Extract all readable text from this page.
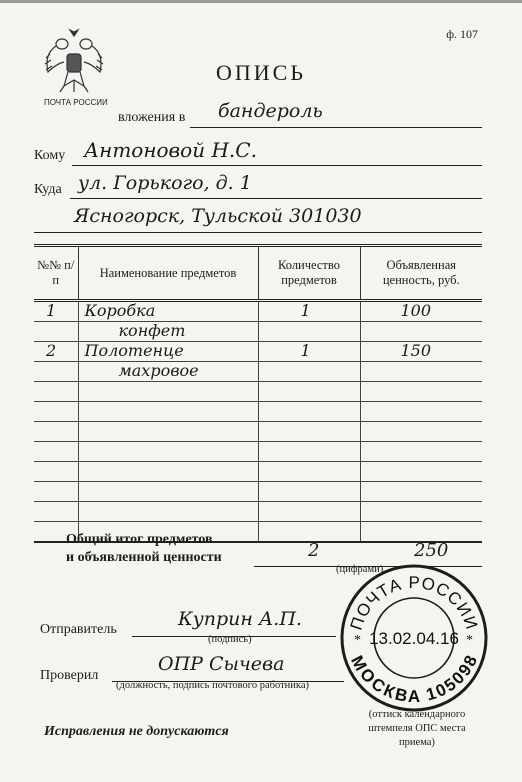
ПОЧТА РОССИИ
ф. 107
ОПИСЬ
вложения в бандероль
Кому Антоновой Н.С.
Куда ул. Горького, д. 1
Ясногорск, Тульской 301030
№№ п/п	Наименование предметов	Количество предметов	Объявленная ценность, руб.

1	Коробка	1	100

	конфет		

2	Полотенце	1	150

	махровое		

Общий итог предметов
и объявленной ценности	2	250
(цифрами)
Отправитель	Куприн А.П.
(подпись)
Проверил
ОПР Сычева
(должность, подпись почтового работника)
Исправления не допускаются
(оттиск календарного штемпеля ОПС места приема)
ПОЧТА РОССИИ
МОСКВА 105098
13.02.04.16
*	*
